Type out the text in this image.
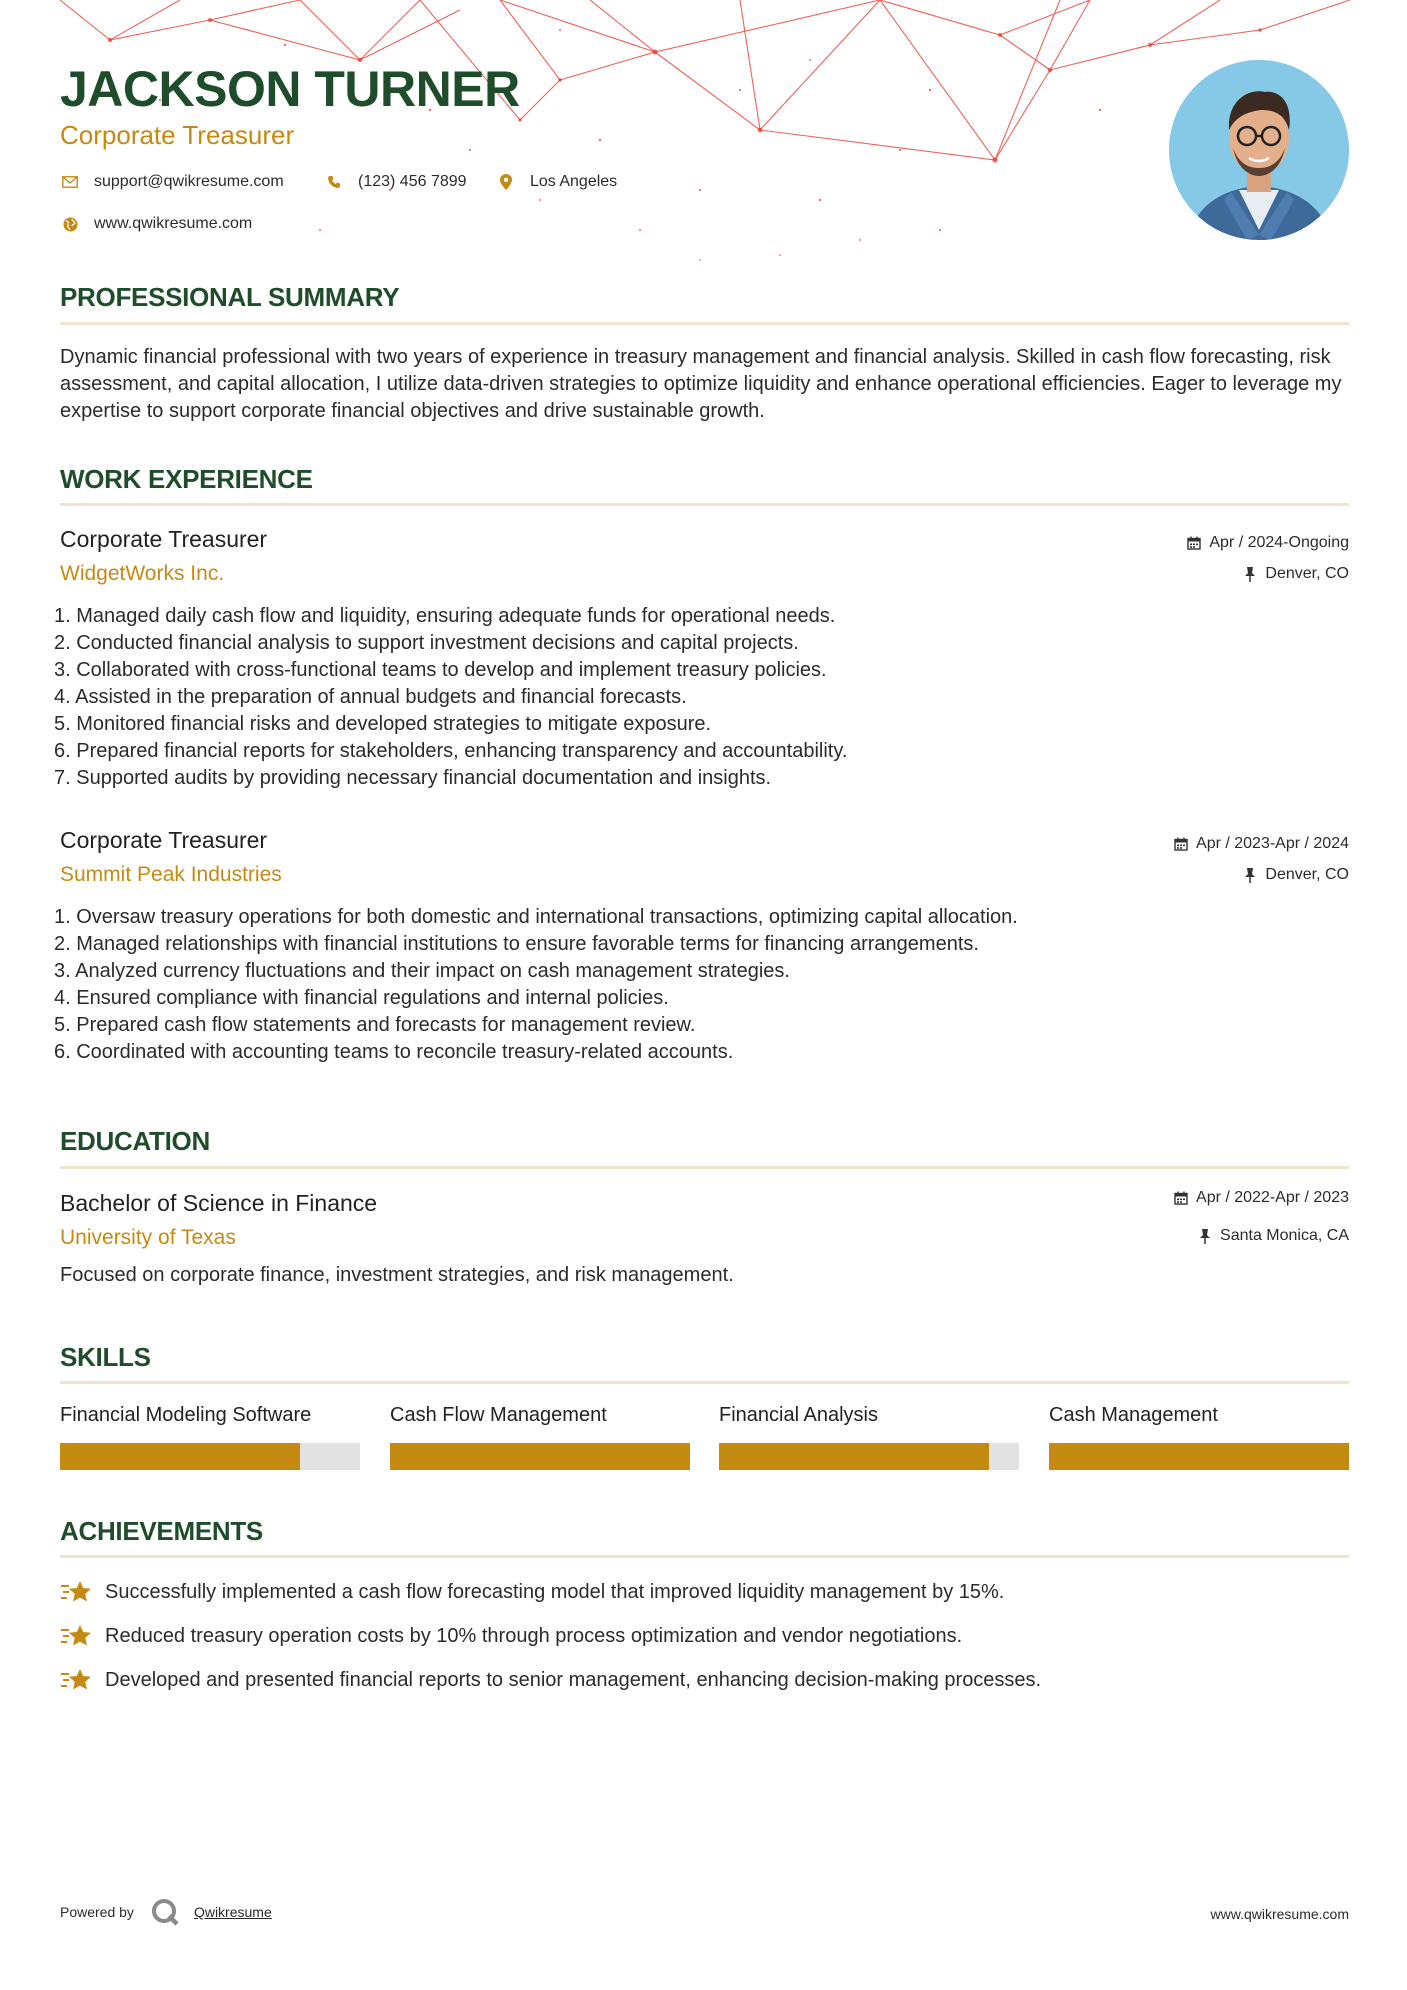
JACKSON TURNER
Corporate Treasurer
support@qwikresume.com	(123) 456 7899	Los Angeles
www.qwikresume.com
PROFESSIONAL SUMMARY
Dynamic financial professional with two years of experience in treasury management and financial analysis. Skilled in cash flow forecasting, risk assessment, and capital allocation, I utilize data-driven strategies to optimize liquidity and enhance operational efficiencies. Eager to leverage my expertise to support corporate financial objectives and drive sustainable growth.
WORK EXPERIENCE
Corporate Treasurer
WidgetWorks Inc.
Apr / 2024-Ongoing
Denver, CO
1. Managed daily cash flow and liquidity, ensuring adequate funds for operational needs.
2. Conducted financial analysis to support investment decisions and capital projects.
3. Collaborated with cross-functional teams to develop and implement treasury policies.
4. Assisted in the preparation of annual budgets and financial forecasts.
5. Monitored financial risks and developed strategies to mitigate exposure.
6. Prepared financial reports for stakeholders, enhancing transparency and accountability.
7. Supported audits by providing necessary financial documentation and insights.
Corporate Treasurer
Summit Peak Industries
Apr / 2023-Apr / 2024
Denver, CO
1. Oversaw treasury operations for both domestic and international transactions, optimizing capital allocation.
2. Managed relationships with financial institutions to ensure favorable terms for financing arrangements.
3. Analyzed currency fluctuations and their impact on cash management strategies.
4. Ensured compliance with financial regulations and internal policies.
5. Prepared cash flow statements and forecasts for management review.
6. Coordinated with accounting teams to reconcile treasury-related accounts.
EDUCATION
Bachelor of Science in Finance
University of Texas
Apr / 2022-Apr / 2023
Santa Monica, CA
Focused on corporate finance, investment strategies, and risk management.
SKILLS
Financial Modeling Software	Cash Flow Management	Financial Analysis	Cash Management
ACHIEVEMENTS
Successfully implemented a cash flow forecasting model that improved liquidity management by 15%.
Reduced treasury operation costs by 10% through process optimization and vendor negotiations.
Developed and presented financial reports to senior management, enhancing decision-making processes.
Powered by	Qwikresume	www.qwikresume.com
